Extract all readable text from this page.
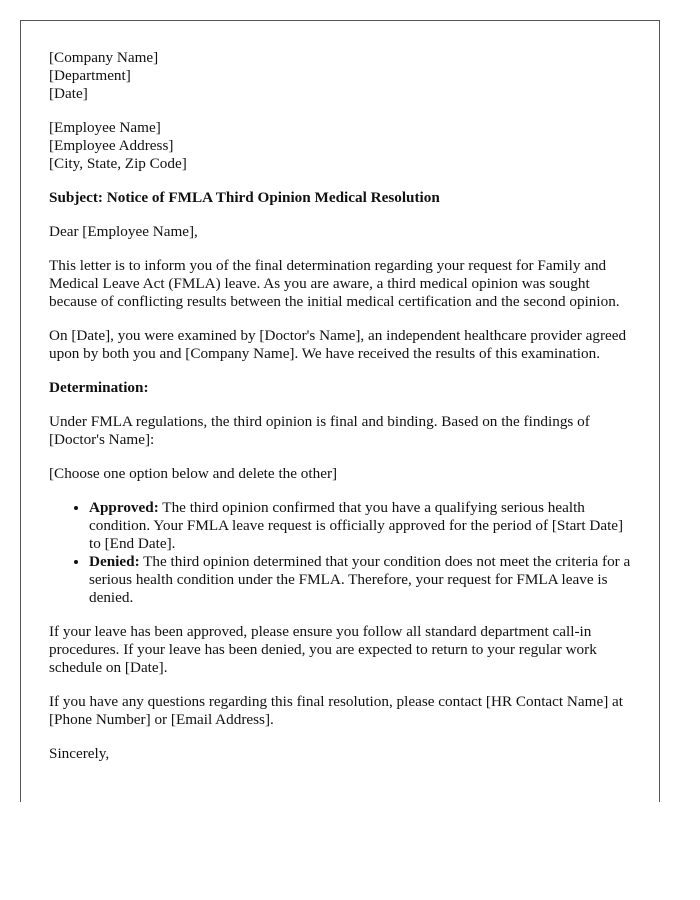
[Company Name]
[Department]
[Date]

[Employee Name]
[Employee Address]
[City, State, Zip Code]

Subject: Notice of FMLA Third Opinion Medical Resolution

Dear [Employee Name],

This letter is to inform you of the final determination regarding your request for Family and Medical Leave Act (FMLA) leave. As you are aware, a third medical opinion was sought because of conflicting results between the initial medical certification and the second opinion.

On [Date], you were examined by [Doctor's Name], an independent healthcare provider agreed upon by both you and [Company Name]. We have received the results of this examination.

Determination:

Under FMLA regulations, the third opinion is final and binding. Based on the findings of [Doctor's Name]:

[Choose one option below and delete the other]

• Approved: The third opinion confirmed that you have a qualifying serious health condition. Your FMLA leave request is officially approved for the period of [Start Date] to [End Date].
• Denied: The third opinion determined that your condition does not meet the criteria for a serious health condition under the FMLA. Therefore, your request for FMLA leave is denied.

If your leave has been approved, please ensure you follow all standard department call-in procedures. If your leave has been denied, you are expected to return to your regular work schedule on [Date].

If you have any questions regarding this final resolution, please contact [HR Contact Name] at [Phone Number] or [Email Address].

Sincerely,
